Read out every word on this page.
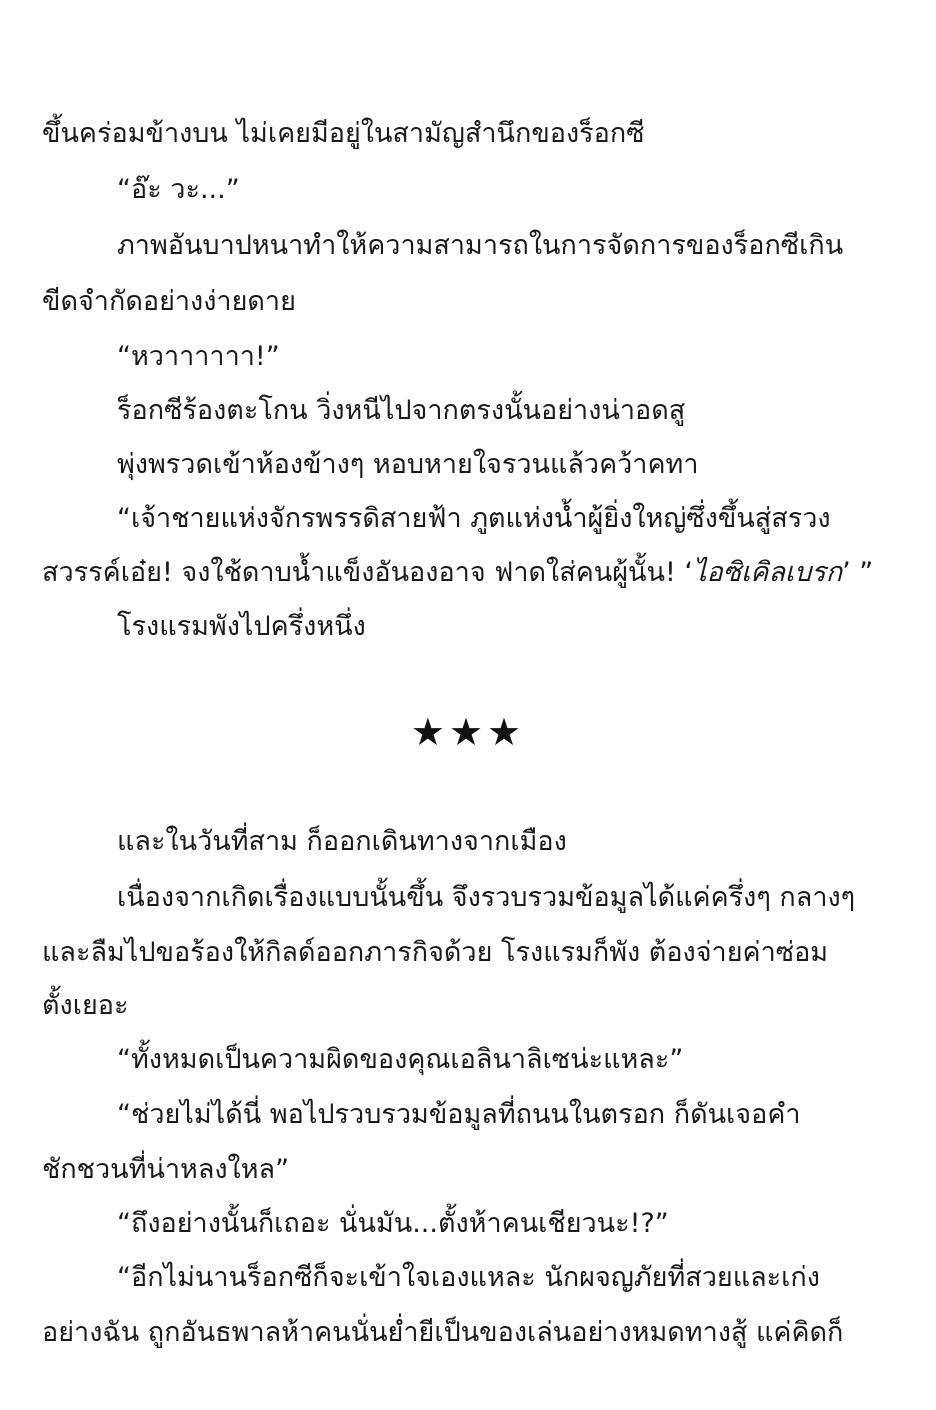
ขึ้นคร่อมข้างบน ไม่เคยมีอยู่ในสามัญสำนึกของร็อกซี
“อ๊ะ วะ...”
ภาพอันบาปหนาทำให้ความสามารถในการจัดการของร็อกซีเกิน
ขีดจำกัดอย่างง่ายดาย
“หวาาาาาา!”
ร็อกซีร้องตะโกน วิ่งหนีไปจากตรงนั้นอย่างน่าอดสู
พุ่งพรวดเข้าห้องข้างๆ หอบหายใจรวนแล้วคว้าคทา
“เจ้าชายแห่งจักรพรรดิสายฟ้า ภูตแห่งน้ำผู้ยิ่งใหญ่ซึ่งขึ้นสู่สรวง
สวรรค์เอ๋ย! จงใช้ดาบน้ำแข็งอันองอาจ ฟาดใส่คนผู้นั้น! ‘ไอซิเคิลเบรก’ ”
โรงแรมพังไปครึ่งหนึ่ง
★★★
และในวันที่สาม ก็ออกเดินทางจากเมือง
เนื่องจากเกิดเรื่องแบบนั้นขึ้น จึงรวบรวมข้อมูลได้แค่ครึ่งๆ กลางๆ
และลืมไปขอร้องให้กิลด์ออกภารกิจด้วย โรงแรมก็พัง ต้องจ่ายค่าซ่อม
ตั้งเยอะ
“ทั้งหมดเป็นความผิดของคุณเอลินาลิเซน่ะแหละ”
“ช่วยไม่ได้นี่ พอไปรวบรวมข้อมูลที่ถนนในตรอก ก็ดันเจอคำ
ชักชวนที่น่าหลงใหล”
“ถึงอย่างนั้นก็เถอะ นั่นมัน...ตั้งห้าคนเชียวนะ!?”
“อีกไม่นานร็อกซีก็จะเข้าใจเองแหละ นักผจญภัยที่สวยและเก่ง
อย่างฉัน ถูกอันธพาลห้าคนนั่นย่ำยีเป็นของเล่นอย่างหมดทางสู้ แค่คิดก็
